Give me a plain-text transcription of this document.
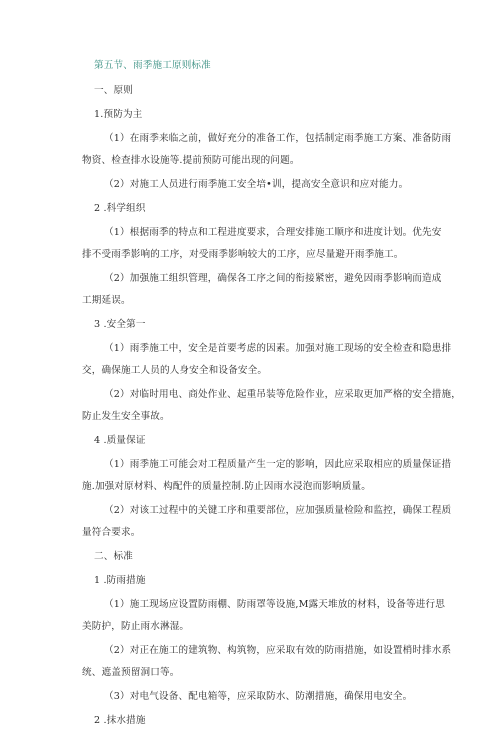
第五节、雨季施工原则标准
一、原则
1.预防为主
（1）在雨季来临之前，做好充分的准备工作，包括制定雨季施工方案、准备防雨
物资、检查排水设施等.提前预防可能出现的问题。
（2）对施工人员进行雨季施工安全培•训，提高安全意识和应对能力。
2 .科学组织
（1）根据雨季的特点和工程进度要求，合理安排施工顺序和进度计划。优先安
排不受雨季影响的工序，对受雨季影响较大的工序，应尽量避开雨季施工。
（2）加强施工组织管理，确保各工序之间的衔接紧密，避免因雨季影响而造成
工期延误。
3 .安全第一
（1）雨季施工中，安全是首要考虑的因素。加强对施工现场的安全检查和隐患排
交，确保施工人员的人身安全和设备安全。
（2）对临时用电、商处作业、起重吊装等危险作业，应采取更加严格的安全措施，
防止发生安全事故。
4 .质量保证
（1）雨季施工可能会对工程质量产生一定的影响，因此应采取相应的质量保证措
施.加强对原材料、构配件的质量控制.防止因雨水浸泡而影响质量。
（2）对该工过程中的关键工序和重要部位，应加强质量检险和监控，确保工程质
量符合要求。
二、标准
1 .防雨措施
（1）施工现场应设置防雨棚、防雨罩等设施,M露天堆放的材料，设备等进行思
美防护，防止雨水淋湿。
（2）对正在施工的建筑物、构筑物，应采取有效的防雨措施，如设置梢时排水系
统、遮盖预留洞口等。
（3）对电气设备、配电箱等，应采取防水、防潮措施，确保用电安全。
2 .抹水措施
